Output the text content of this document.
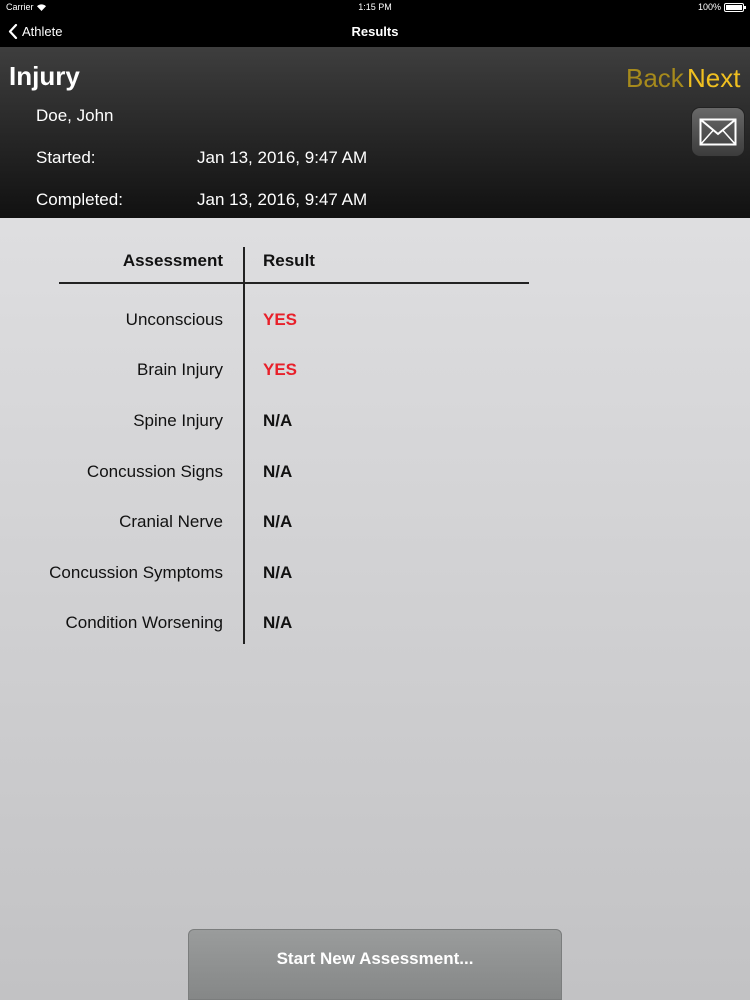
Carrier	1:15 PM	100%
Athlete	Results
Injury
Doe, John
Started:	Jan 13, 2016, 9:47 AM
Completed:	Jan 13, 2016, 9:47 AM
Back Next
Assessment Result
Unconscious YES
Brain Injury YES
Spine Injury N/A
Concussion Signs N/A
Cranial Nerve N/A
Concussion Symptoms N/A
Condition Worsening N/A
Start New Assessment...
